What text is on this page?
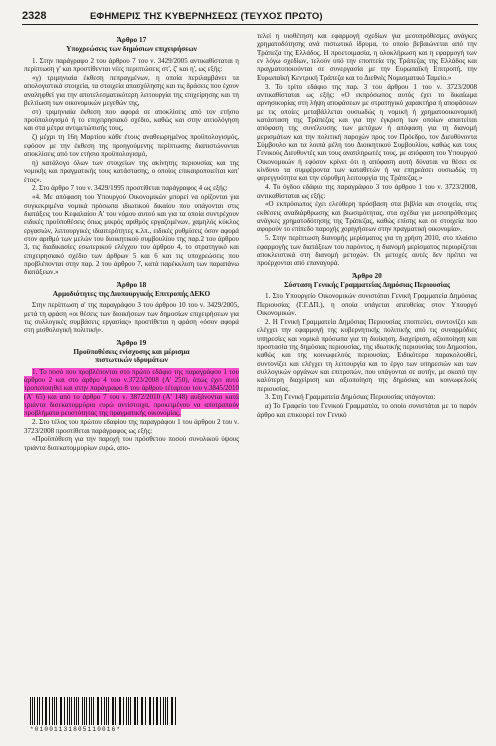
2328	ΕΦΗΜΕΡΙΣ ΤΗΣ ΚΥΒΕΡΝΗΣΕΩΣ (ΤΕΥΧΟΣ ΠΡΩΤΟ)
Άρθρο 17
Υποχρεώσεις των δημόσιων επιχειρήσεων

1. Στην παράγραφο 2 του άρθρου 7 του ν. 3429/2005 αντικαθίσταται η περίπτωση γ' και προστίθενται νέες περιπτώσεις στ', ζ' και η', ως εξής:

«γ) τριμηνιαία έκθεση πεπραγμένων, η οποία περιλαμβάνει τα απολογιστικά στοιχεία, τα στοιχεία απασχόλησης και τις δράσεις που έχουν αναληφθεί για την αποτελεσματικότερη λειτουργία της επιχείρησης και τη βελτίωση των οικονομικών μεγεθών της,

στ) τριμηνιαία έκθεση που αφορά σε αποκλίσεις από τον ετήσιο προϋπολογισμό ή το επιχειρησιακό σχέδιο, καθώς και στην αιτιολόγηση και στα μέτρα αντιμετώπισής τους,

ζ) μέχρι τη 16η Μαρτίου κάθε έτους αναθεωρημένος προϋπολογισμός, εφόσον με την έκθεση της προηγούμενης περίπτωσης διαπιστώνονται αποκλίσεις από τον ετήσιο προϋπολογισμό,

η) κατάλογο όλων των στοιχείων της ακίνητης περιουσίας και της νομικής και πραγματικής τους κατάστασης, ο οποίος επικαιροποιείται κατ' έτος».

2. Στο άρθρο 7 του ν. 3429/1995 προστίθεται παράγραφος 4 ως εξής:

«4. Με απόφαση του Υπουργού Οικονομικών μπορεί να ορίζονται για συγκεκριμένα νομικά πρόσωπα ιδιωτικού δικαίου που υπάγονται στις διατάξεις του Κεφαλαίου Α' του νόμου αυτού και για τα οποία συντρέχουν ειδικές προϋποθέσεις όπως μικρός αριθμός εργαζομένων, χαμηλός κύκλος εργασιών, λειτουργικές ιδιαιτερότητες κ.λπ., ειδικές ρυθμίσεις όσον αφορά στον αριθμό των μελών του διοικητικού συμβουλίου της παρ.2 του άρθρου 3, τις διαδικασίες εσωτερικού ελέγχου του άρθρου 4, το στρατηγικό και επιχειρησιακό σχέδιο των άρθρων 5 και 6 και τις υποχρεώσεις που προβλέπονται στην παρ. 2 του άρθρου 7, κατά παρέκκλιση των παραπάνω διατάξεων.»

Άρθρο 18
Αρμοδιότητες της Διυπουργικής Επιτροπής ΔΕΚΟ

Στην περίπτωση α' της παραγράφου 3 του άρθρου 10 του ν. 3429/2005, μετά τη φράση «οι θέσεις των διοικήσεων των δημοσίων επιχειρήσεων για τις συλλογικές συμβάσεις εργασίας» προστίθεται η φράση «όσον αφορά στη μισθολογική πολιτική».

Άρθρο 19
Προϋποθέσεις ενίσχυσης και μέρισμα
πιστωτικών ιδρυμάτων

1. Το ποσό που προβλέπονται στο πρώτο εδάφιο της παραγράφου 1 του άρθρου 2 και στο άρθρο 4 του ν.3723/2008 (Α' 250), όπως έχει αυτό τροποποιηθεί και στην παράγραφο 8 του άρθρου τέταρτου του ν.3845/2010 (Α' 65) και από το άρθρο 7 του ν. 3872/2010 (Α' 148) αυξάνονται κατά τριάντα δισεκατομμύρια ευρώ αντίστοιχα, προκειμένου να αποτραπούν προβλήματα ρευστότητας της πραγματικής οικονομίας.

2. Στο τέλος του πρώτου εδαφίου της παραγράφου 1 του άρθρου 2 του ν. 3723/2008 προστίθεται παράγραφος ως εξής:

«Προϋπόθεση για την παροχή του πρόσθετου ποσού συνολικού ύψους τριάντα δισεκατομμυρίων ευρώ, απο-

τελεί η υιοθέτηση και εφαρμογή σχεδίων για μεσοπρόθεσμες ανάγκες χρηματοδότησης ανά πιστωτικό ίδρυμα, το οποίο βεβαιώνεται από την Τράπεζα της Ελλάδος. Η προετοιμασία, η ολοκλήρωση και η εφαρμογή των εν λόγω σχεδίων, τελούν υπό την εποπτεία της Τράπεζας της Ελλάδος και πραγματοποιούνται σε συνεργασία με την Ευρωπαϊκή Επιτροπή, την Ευρωπαϊκή Κεντρική Τράπεζα και το Διεθνές Νομισματικό Ταμείο.»

3. Το τρίτο εδάφιο της παρ. 3 του άρθρου 1 του ν. 3723/2008 αντικαθίσταται ως εξής: «Ο εκπρόσωπος αυτός έχει το δικαίωμα αρνησικυρίας στη λήψη αποφάσεων με στρατηγικό χαρακτήρα ή αποφάσεων με τις οποίες μεταβάλλεται ουσιωδώς η νομική ή χρηματοοικονομική κατάσταση της Τράπεζας και για την έγκριση των οποίων απαιτείται απόφαση της συνέλευσης των μετόχων ή απόφαση για τη διανομή μερισμάτων και την πολιτική παροχών προς τον Πρόεδρο, τον Διευθύνοντα Σύμβουλο και τα λοιπά μέλη του Διοικητικού Συμβουλίου, καθώς και τους Γενικούς Διευθυντές και τους αναπληρωτές τους, με απόφαση του Υπουργού Οικονομικών ή εφόσον κρίνει ότι η απόφαση αυτή δύναται να θέσει σε κίνδυνο τα συμφέροντα των καταθετών ή να επηρεάσει ουσιωδώς τη φερεγγυότητα και την εύρυθμη λειτουργία της Τράπεζας.»

4. Το όγδοο εδάφιο της παραγράφου 3 του άρθρου 1 του ν. 3723/2008, αντικαθίσταται ως εξής:

«Ο εκπρόσωπος έχει ελεύθερη πρόσβαση στα βιβλία και στοιχεία, στις εκθέσεις αναδιάρθρωσης και βιωσιμότητας, στα σχέδια για μεσοπρόθεσμες ανάγκες χρηματοδότησης της Τράπεζας, καθώς επίσης και σε στοιχεία που αφορούν το επίπεδο παροχής χορηγήσεων στην πραγματική οικονομία».

5. Στην περίπτωση διανομής μερίσματος για τη χρήση 2010, στο πλαίσιο εφαρμογής των διατάξεων του παρόντος, η διανομή μερίσματος περιορίζεται αποκλειστικά στη διανομή μετοχών. Οι μετοχές αυτές δεν πρέπει να προέρχονται από επαναγορά.

Άρθρο 20
Σύσταση Γενικής Γραμματείας Δημόσιας Περιουσίας

1. Στο Υπουργείο Οικονομικών συνιστάται Γενική Γραμματεία Δημόσιας Περιουσίας (Γ.Γ.ΔΠ.), η οποία υπάγεται απευθείας στον Υπουργό Οικονομικών.

2. Η Γενική Γραμματεία Δημόσιας Περιουσίας εποπτεύει, συντονίζει και ελέγχει την εφαρμογή της κυβερνητικής πολιτικής από τις συναρμόδιες υπηρεσίες και νομικά πρόσωπα για τη διοίκηση, διαχείριση, αξιοποίηση και προστασία της δημόσιας περιουσίας, της ιδιωτικής περιουσίας του Δημοσίου, καθώς και της κοινωφελούς περιουσίας. Ειδικότερα παρακολουθεί, συντονίζει και ελέγχει τη λειτουργία και το έργο των υπηρεσιών και των συλλογικών οργάνων και επιτροπών, που υπάγονται σε αυτήν, με σκοπό την καλύτερη διαχείριση και αξιοποίηση της δημόσιας και κοινωφελούς περιουσίας.

3. Στη Γενική Γραμματεία Δημόσιας Περιουσίας υπάγονται:

α) Το Γραφείο του Γενικού Γραμματέα, το οποίο συνιστάται με το παρόν άρθρο και επικουρεί τον Γενικό

*01001131805110016*
